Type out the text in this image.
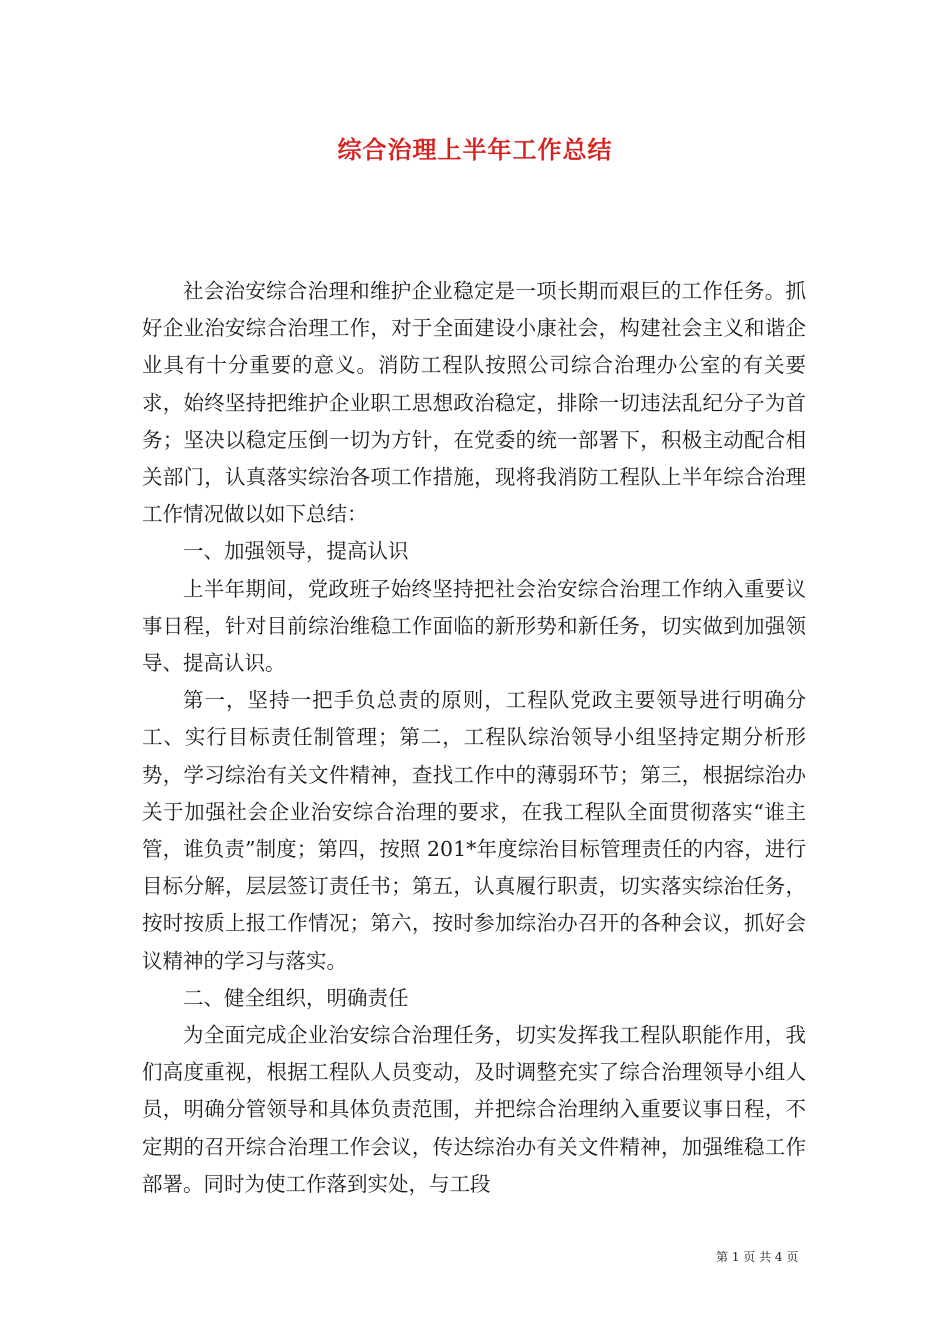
综合治理上半年工作总结

社会治安综合治理和维护企业稳定是一项长期而艰巨的工作任务。抓好企业治安综合治理工作，对于全面建设小康社会，构建社会主义和谐企业具有十分重要的意义。消防工程队按照公司综合治理办公室的有关要求，始终坚持把维护企业职工思想政治稳定，排除一切违法乱纪分子为首务；坚决以稳定压倒一切为方针，在党委的统一部署下，积极主动配合相关部门，认真落实综治各项工作措施，现将我消防工程队上半年综合治理工作情况做以如下总结：

一、加强领导，提高认识

上半年期间，党政班子始终坚持把社会治安综合治理工作纳入重要议事日程，针对目前综治维稳工作面临的新形势和新任务，切实做到加强领导、提高认识。

第一，坚持一把手负总责的原则，工程队党政主要领导进行明确分工、实行目标责任制管理；第二，工程队综治领导小组坚持定期分析形势，学习综治有关文件精神，查找工作中的薄弱环节；第三，根据综治办关于加强社会企业治安综合治理的要求，在我工程队全面贯彻落实“谁主管，谁负责”制度；第四，按照 201*年度综治目标管理责任的内容，进行目标分解，层层签订责任书；第五，认真履行职责，切实落实综治任务，按时按质上报工作情况；第六，按时参加综治办召开的各种会议，抓好会议精神的学习与落实。

二、健全组织，明确责任

为全面完成企业治安综合治理任务，切实发挥我工程队职能作用，我们高度重视，根据工程队人员变动，及时调整充实了综合治理领导小组人员，明确分管领导和具体负责范围，并把综合治理纳入重要议事日程，不定期的召开综合治理工作会议，传达综治办有关文件精神，加强维稳工作部署。同时为使工作落到实处，与工段

第 1 页 共 4 页
